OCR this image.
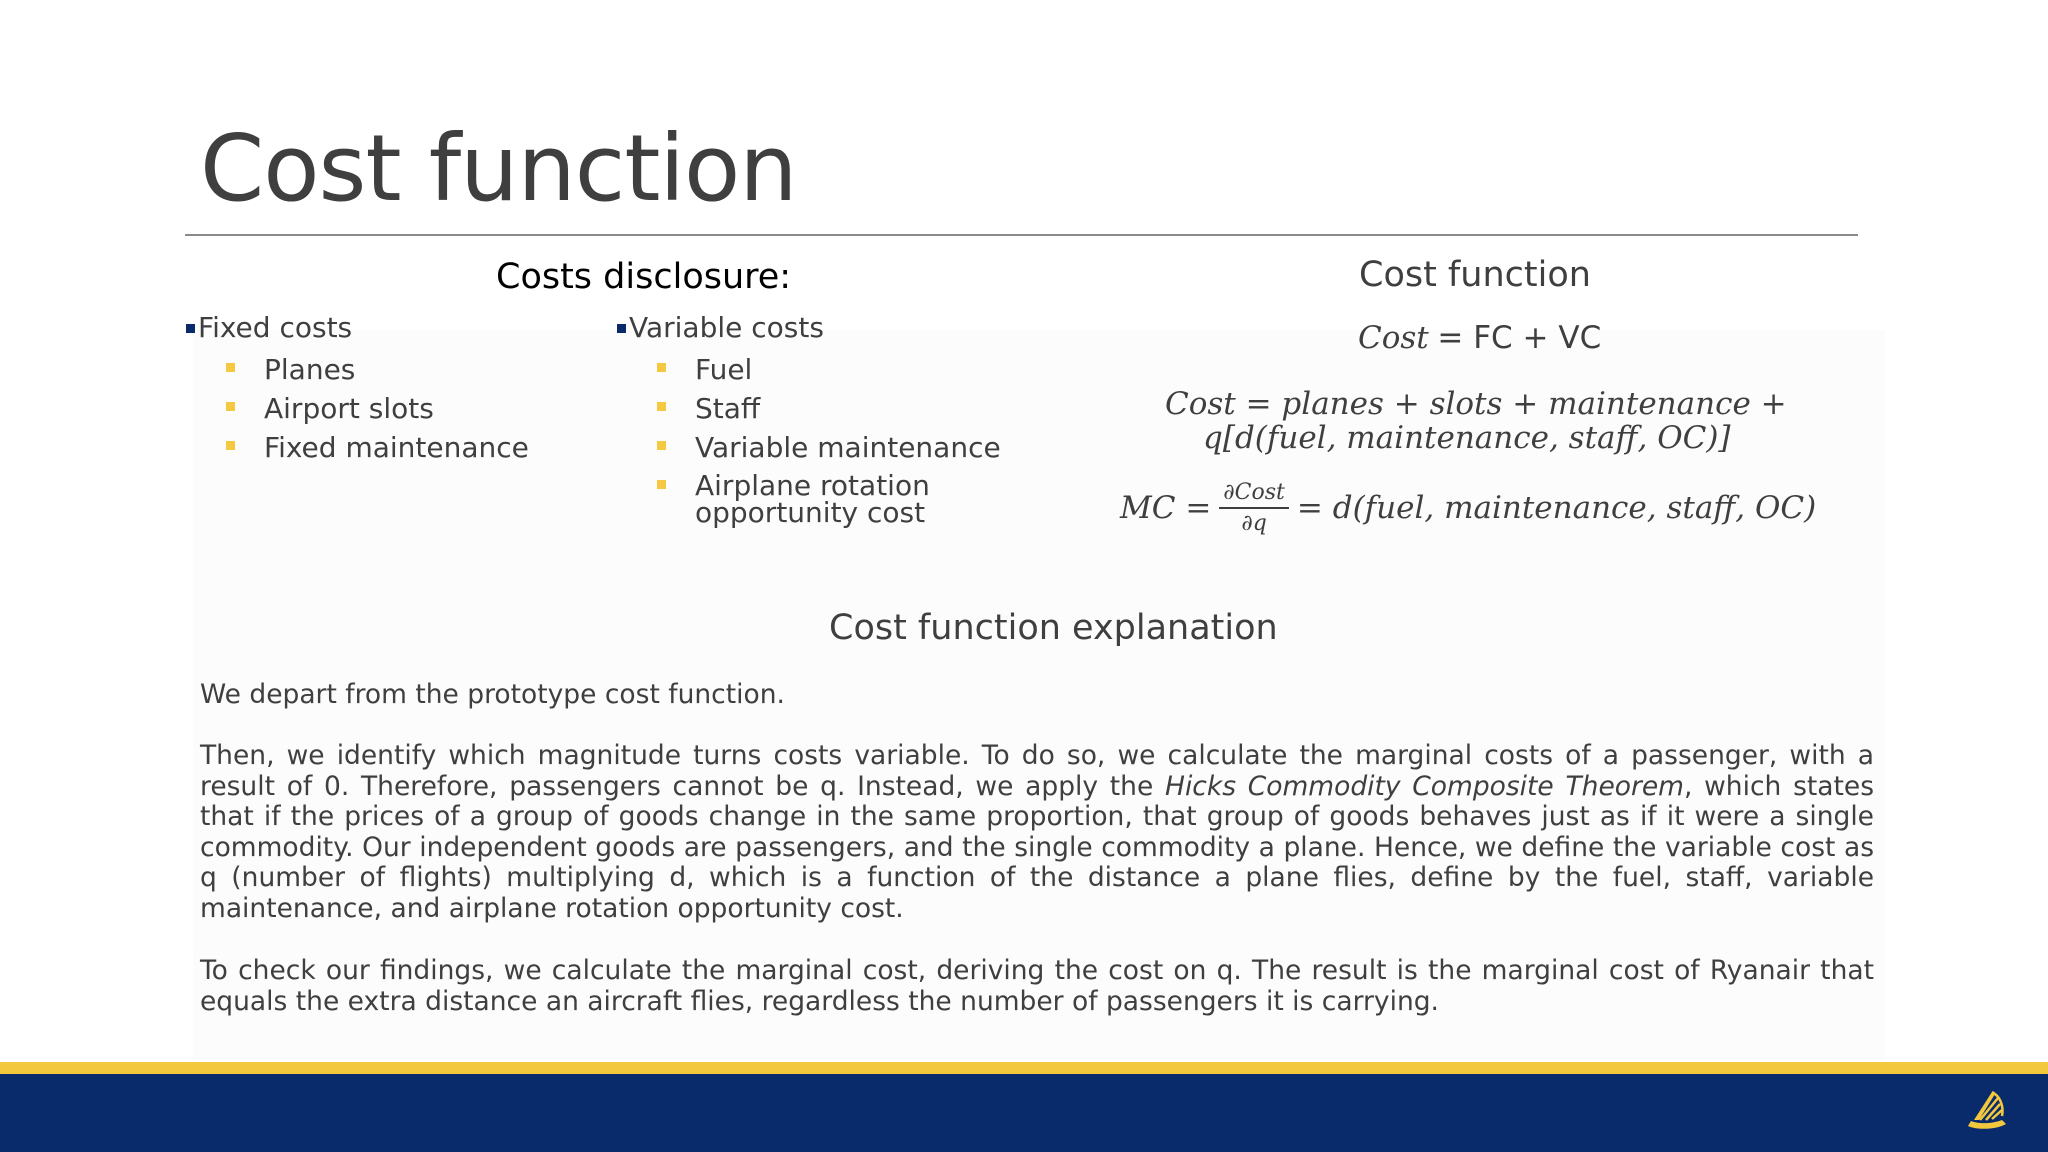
Cost function
Costs disclosure:
Fixed costs
Planes
Airport slots
Fixed maintenance
Variable costs
Fuel
Staff
Variable maintenance
Airplane rotation
opportunity cost
Cost function
Cost = FC + VC
Cost = planes + slots + maintenance +
q[d(fuel, maintenance, staff, OC)]
MC = $\frac{\text{∂Cost}}{\partial q}$ = d(fuel, maintenance, staff, OC)
Cost function explanation
We depart from the prototype cost function.
Then, we identify which magnitude turns costs variable. To do so, we calculate the marginal costs of a passenger, with a result of 0. Therefore, passengers cannot be q. Instead, we apply the Hicks Commodity Composite Theorem, which states that if the prices of a group of goods change in the same proportion, that group of goods behaves just as if it were a single commodity. Our independent goods are passengers, and the single commodity a plane. Hence, we define the variable cost as q (number of flights) multiplying d, which is a function of the distance a plane flies, define by the fuel, staff, variable maintenance, and airplane rotation opportunity cost.
To check our findings, we calculate the marginal cost, deriving the cost on q. The result is the marginal cost of Ryanair that equals the extra distance an aircraft flies, regardless the number of passengers it is carrying.
